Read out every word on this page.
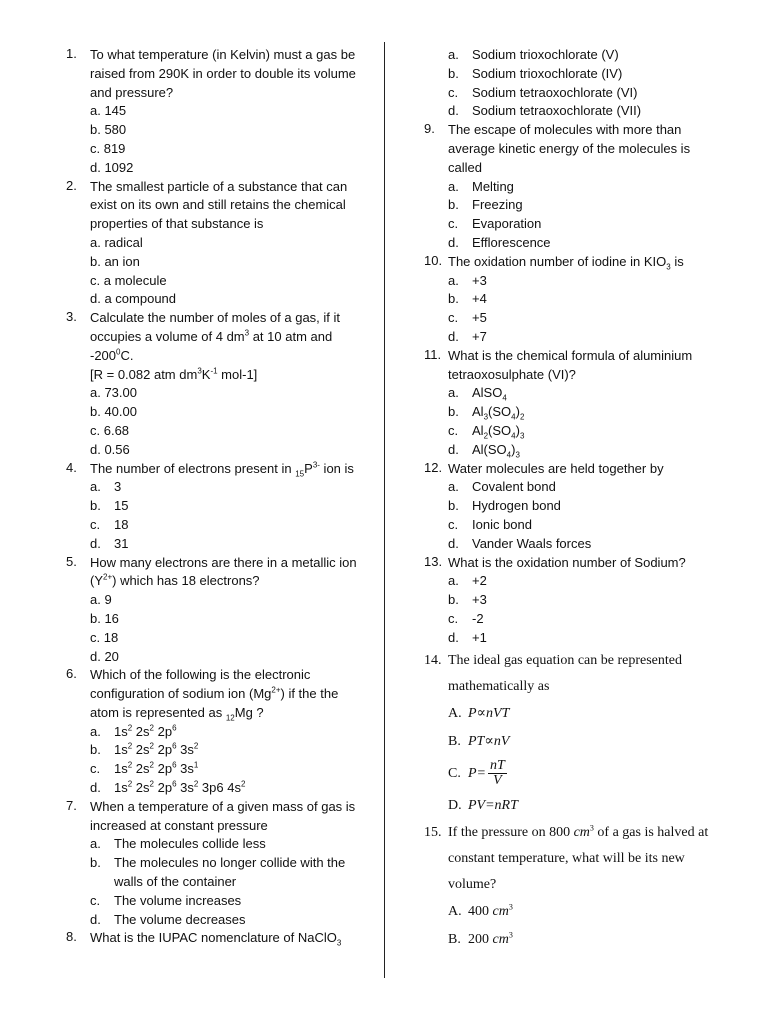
1. To what temperature (in Kelvin) must a gas be raised from 290K in order to double its volume and pressure?
a. 145
b. 580
c. 819
d. 1092
2. The smallest particle of a substance that can exist on its own and still retains the chemical properties of that substance is
a. radical
b. an ion
c. a molecule
d. a compound
3. Calculate the number of moles of a gas, if it occupies a volume of 4 $dm^3$ at 10 atm and $-200^0C$.
[R = 0.082 atm $dm^3K^{-1}$ mol-1]
a. 73.00
b. 40.00
c. 6.68
d. 0.56
4. The number of electrons present in $_{15}P^{3-}$ ion is
a. 3
b. 15
c. 18
d. 31
5. How many electrons are there in a metallic ion $(Y^{2+})$ which has 18 electrons?
a. 9
b. 16
c. 18
d. 20
6. Which of the following is the electronic configuration of sodium ion $(Mg^{2+})$ if the the atom is represented as $_{12}$Mg ?
a. $1s^2$ $2s^2$ $2p^6$
b. $1s^2$ $2s^2$ $2p^6$ $3s^2$
c. $1s^2$ $2s^2$ $2p^6$ $3s^1$
d. $1s^2$ $2s^2$ $2p^6$ $3s^2$ 3p6 $4s^2$
7. When a temperature of a given mass of gas is increased at constant pressure
a. The molecules collide less
b. The molecules no longer collide with the walls of the container
c. The volume increases
d. The volume decreases
8. What is the IUPAC nomenclature of NaClO$_3$
a. Sodium trioxochlorate (V)
b. Sodium trioxochlorate (IV)
c. Sodium tetraoxochlorate (VI)
d. Sodium tetraoxochlorate (VII)
9. The escape of molecules with more than average kinetic energy of the molecules is called
a. Melting
b. Freezing
c. Evaporation
d. Efflorescence
10. The oxidation number of iodine in $KIO_3$ is
a. +3
b. +4
c. +5
d. +7
11. What is the chemical formula of aluminium tetraoxosulphate (VI)?
a. AlSO$_4$
b. $Al_3(SO_4)_2$
c. $Al_2(SO_4)_3$
d. $Al(SO_4)_3$
12. Water molecules are held together by
a. Covalent bond
b. Hydrogen bond
c. Ionic bond
d. Vander Waals forces
13. What is the oxidation number of Sodium?
a. +2
b. +3
c. -2
d. +1
14. The ideal gas equation can be represented mathematically as
A. P∝nVT
B. PT∝nV
C. $P= \frac{nT}{V}$
D. PV=nRT
15. If the pressure on 800 $cm^3$ of a gas is halved at constant temperature, what will be its new volume?
A. 400 $cm^3$
B. 200 $cm^3$
